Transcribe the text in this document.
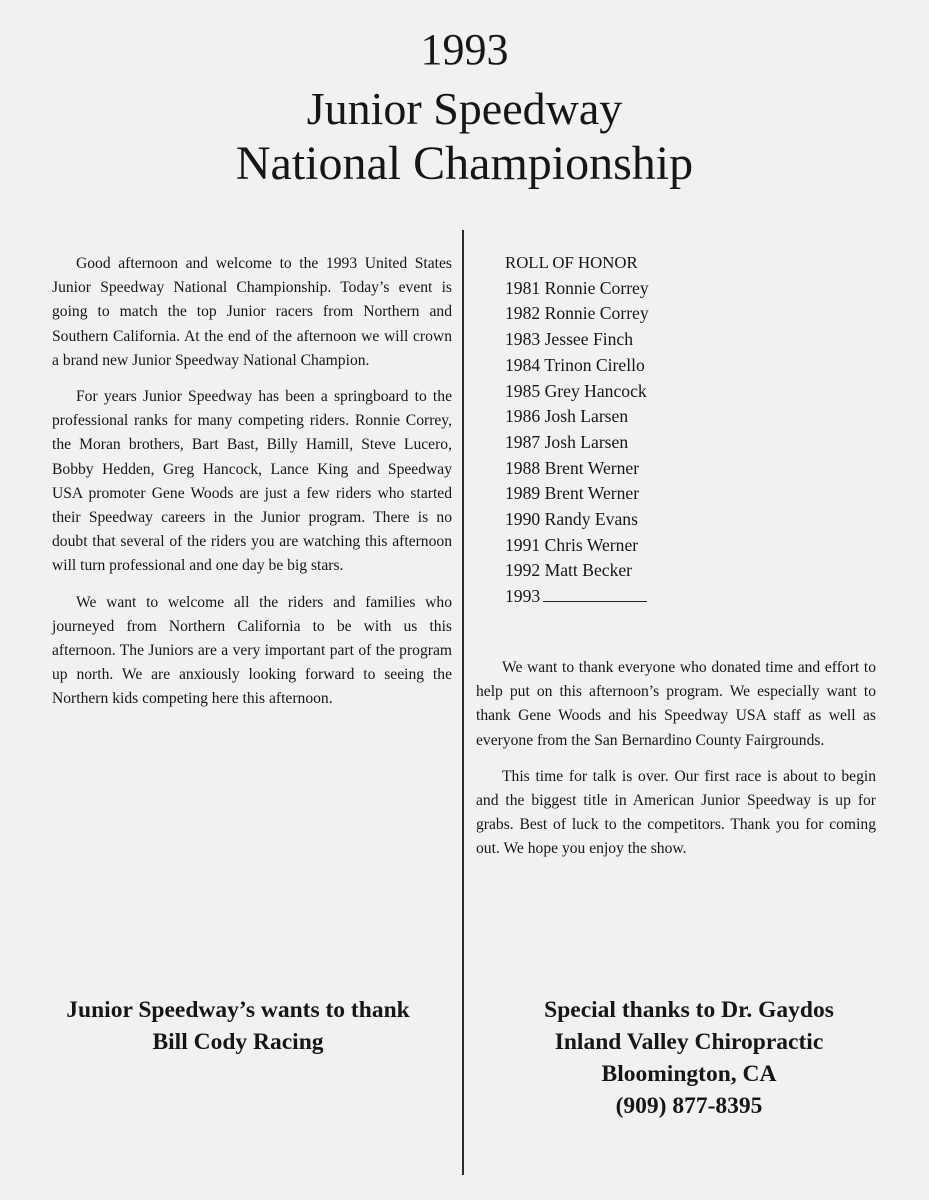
1993
Junior Speedway
National Championship

Good afternoon and welcome to the 1993 United States Junior Speedway National Championship. Today’s event is going to match the top Junior racers from Northern and Southern California. At the end of the afternoon we will crown a brand new Junior Speedway National Champion.

For years Junior Speedway has been a springboard to the professional ranks for many competing riders. Ronnie Correy, the Moran brothers, Bart Bast, Billy Hamill, Steve Lucero, Bobby Hedden, Greg Hancock, Lance King and Speedway USA promoter Gene Woods are just a few riders who started their Speedway careers in the Junior program. There is no doubt that several of the riders you are watching this afternoon will turn professional and one day be big stars.

We want to welcome all the riders and families who journeyed from Northern California to be with us this afternoon. The Juniors are a very important part of the program up north. We are anxiously looking forward to seeing the Northern kids competing here this afternoon.

ROLL OF HONOR
1981 Ronnie Correy
1982 Ronnie Correy
1983 Jessee Finch
1984 Trinon Cirello
1985 Grey Hancock
1986 Josh Larsen
1987 Josh Larsen
1988 Brent Werner
1989 Brent Werner
1990 Randy Evans
1991 Chris Werner
1992 Matt Becker
1993

We want to thank everyone who donated time and effort to help put on this afternoon’s program. We especially want to thank Gene Woods and his Speedway USA staff as well as everyone from the San Bernardino County Fairgrounds.

This time for talk is over. Our first race is about to begin and the biggest title in American Junior Speedway is up for grabs. Best of luck to the competitors. Thank you for coming out. We hope you enjoy the show.

Junior Speedway’s wants to thank
Bill Cody Racing
Special thanks to Dr. Gaydos
Inland Valley Chiropractic
Bloomington, CA
(909) 877-8395
